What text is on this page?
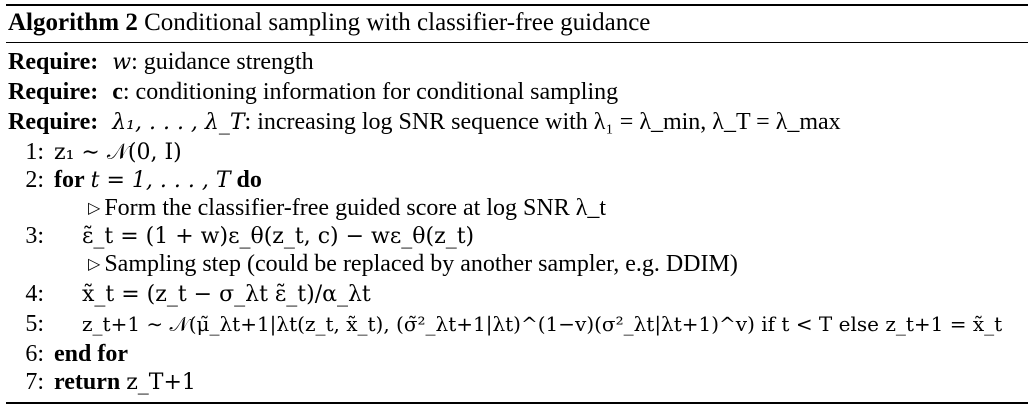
Algorithm 2 Conditional sampling with classifier-free guidance
Require: w: guidance strength
Require: c: conditioning information for conditional sampling
Require: λ₁, . . . , λ_T: increasing log SNR sequence with λ₁ = λ_min, λ_T = λ_max
1: z₁ ∼ 𝒩(0, I)
2: for t = 1, . . . , T do
▷ Form the classifier-free guided score at log SNR λ_t
3: ε̃_t = (1 + w)ε_θ(z_t, c) − wε_θ(z_t)
▷ Sampling step (could be replaced by another sampler, e.g. DDIM)
4: x̃_t = (z_t − σ_λt ε̃_t)/α_λt
5: z_t+1 ∼ 𝒩(μ̃_λt+1|λt(z_t, x̃_t), (σ̃²_λt+1|λt)^(1−v)(σ²_λt|λt+1)^v) if t < T else z_t+1 = x̃_t
6: end for
7: return z_T+1
